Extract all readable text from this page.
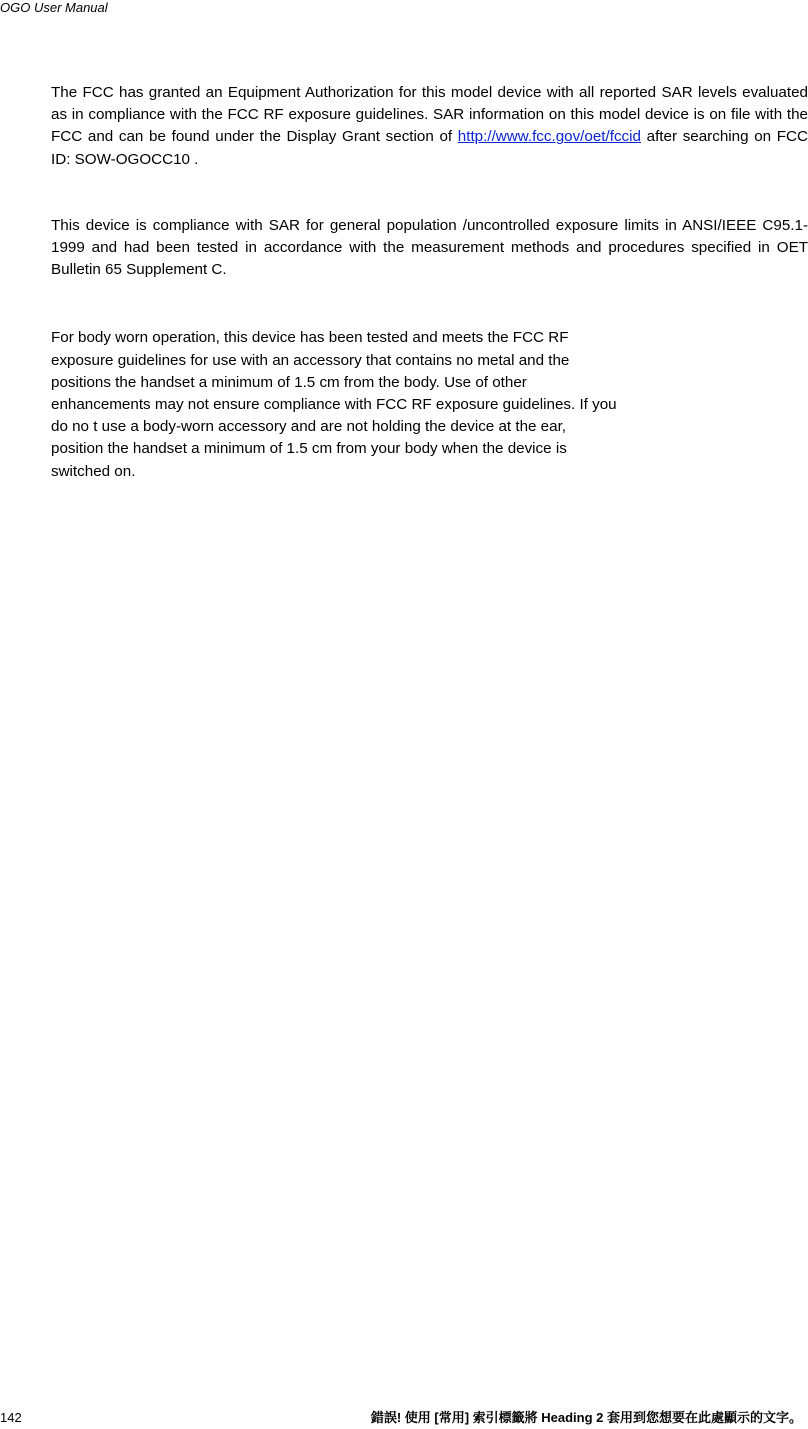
OGO User Manual

The FCC has granted an Equipment Authorization for this model device with all reported SAR levels evaluated as in compliance with the FCC RF exposure guidelines. SAR information on this model device is on file with the FCC and can be found under the Display Grant section of http://www.fcc.gov/oet/fccid after searching on FCC ID: SOW-OGOCC10 .

This device is compliance with SAR for general population /uncontrolled exposure limits in ANSI/IEEE C95.1-1999 and had been tested in accordance with the measurement methods and procedures specified in OET Bulletin 65 Supplement C.

For body worn operation, this device has been tested and meets the FCC RF
exposure guidelines for use with an accessory that contains no metal and the
positions the handset a minimum of 1.5 cm from the body. Use of other
enhancements may not ensure compliance with FCC RF exposure guidelines. If you
do no t use a body-worn accessory and are not holding the device at the ear,
position the handset a minimum of 1.5 cm from your body when the device is
switched on.

142	錯誤! 使用 [常用] 索引標籤將 Heading 2 套用到您想要在此處顯示的文字。
